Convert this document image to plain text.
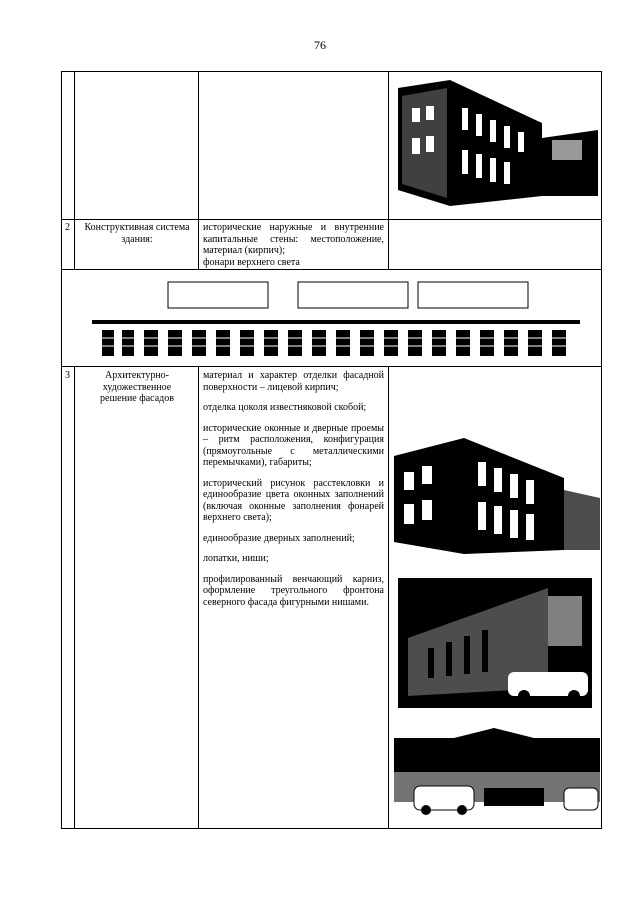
76
2 Конструктивная система здания:
исторические наружные и внутренние капитальные стены: местоположение, материал (кирпич);
фонари верхнего света
3	Архитектурно-художественное решение фасадов

материал и характер отделки фасадной поверхности – лицевой кирпич;

отделка цоколя известняковой скобой;

исторические оконные и дверные проемы – ритм расположения, конфигурация (прямоугольные с металлическими перемычками), габариты;

исторический рисунок расстекловки и единообразие цвета оконных заполнений (включая оконные заполнения фонарей верхнего света);

единообразие дверных заполнений;

лопатки, ниши;

профилированный венчающий карниз, оформление треугольного фронтона северного фасада фигурными нишами.
